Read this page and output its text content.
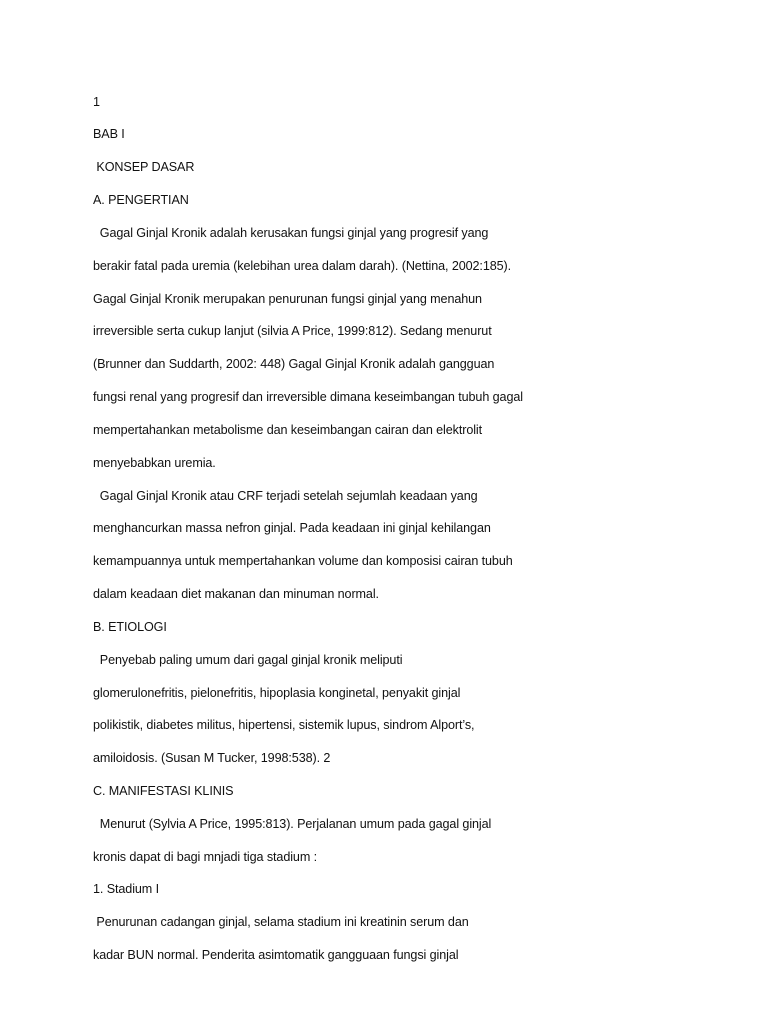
1
BAB I
KONSEP DASAR
A. PENGERTIAN
Gagal Ginjal Kronik adalah kerusakan fungsi ginjal yang progresif yang
berakir fatal pada uremia (kelebihan urea dalam darah). (Nettina, 2002:185).
Gagal Ginjal Kronik merupakan penurunan fungsi ginjal yang menahun
irreversible serta cukup lanjut (silvia A Price, 1999:812). Sedang menurut
(Brunner dan Suddarth, 2002: 448) Gagal Ginjal Kronik adalah gangguan
fungsi renal yang progresif dan irreversible dimana keseimbangan tubuh gagal
mempertahankan metabolisme dan keseimbangan cairan dan elektrolit
menyebabkan uremia.
Gagal Ginjal Kronik atau CRF terjadi setelah sejumlah keadaan yang
menghancurkan massa nefron ginjal. Pada keadaan ini ginjal kehilangan
kemampuannya untuk mempertahankan volume dan komposisi cairan tubuh
dalam keadaan diet makanan dan minuman normal.
B. ETIOLOGI
Penyebab paling umum dari gagal ginjal kronik meliputi
glomerulonefritis, pielonefritis, hipoplasia konginetal, penyakit ginjal
polikistik, diabetes militus, hipertensi, sistemik lupus, sindrom Alport’s,
amiloidosis. (Susan M Tucker, 1998:538). 2
C. MANIFESTASI KLINIS
Menurut (Sylvia A Price, 1995:813). Perjalanan umum pada gagal ginjal
kronis dapat di bagi mnjadi tiga stadium :
1. Stadium I
Penurunan cadangan ginjal, selama stadium ini kreatinin serum dan
kadar BUN normal. Penderita asimtomatik gangguaan fungsi ginjal
